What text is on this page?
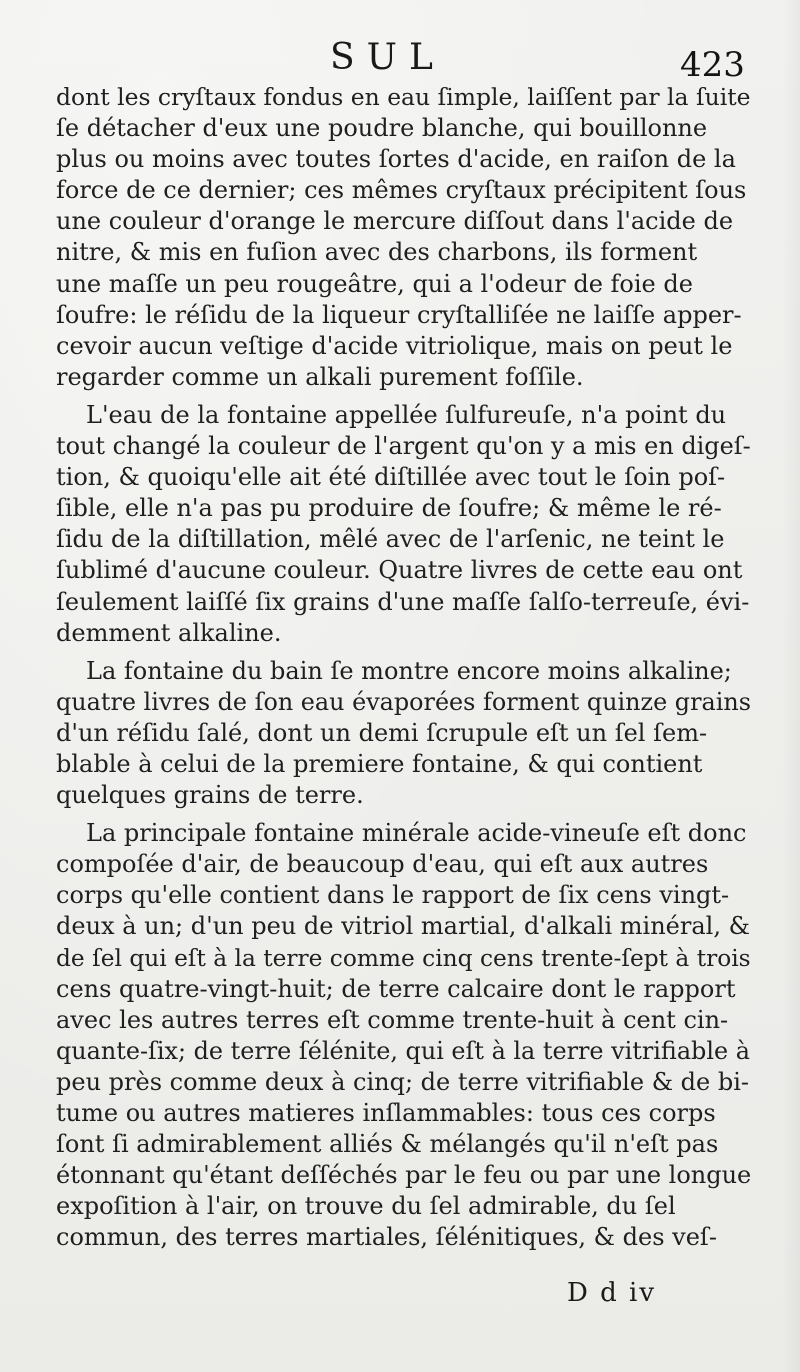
SUL	423
dont les cryſtaux fondus en eau ſimple, laiſſent par la ſuite
ſe détacher d'eux une poudre blanche, qui bouillonne
plus ou moins avec toutes ſortes d'acide, en raiſon de la
force de ce dernier; ces mêmes cryſtaux précipitent ſous
une couleur d'orange le mercure diſſout dans l'acide de
nitre, & mis en fuſion avec des charbons, ils forment
une maſſe un peu rougeâtre, qui a l'odeur de foie de
ſoufre: le réſidu de la liqueur cryſtalliſée ne laiſſe apper-
cevoir aucun veſtige d'acide vitriolique, mais on peut le
regarder comme un alkali purement foſſile.
L'eau de la fontaine appellée ſulfureuſe, n'a point du
tout changé la couleur de l'argent qu'on y a mis en digeſ-
tion, & quoiqu'elle ait été diſtillée avec tout le ſoin poſ-
ſible, elle n'a pas pu produire de ſoufre; & même le ré-
ſidu de la diſtillation, mêlé avec de l'arſenic, ne teint le
ſublimé d'aucune couleur. Quatre livres de cette eau ont
ſeulement laiſſé ſix grains d'une maſſe ſalſo-terreuſe, évi-
demment alkaline.
La fontaine du bain ſe montre encore moins alkaline;
quatre livres de ſon eau évaporées forment quinze grains
d'un réſidu ſalé, dont un demi ſcrupule eſt un ſel ſem-
blable à celui de la premiere fontaine, & qui contient
quelques grains de terre.
La principale fontaine minérale acide-vineuſe eſt donc
compoſée d'air, de beaucoup d'eau, qui eſt aux autres
corps qu'elle contient dans le rapport de ſix cens vingt-
deux à un; d'un peu de vitriol martial, d'alkali minéral, &
de ſel qui eſt à la terre comme cinq cens trente-ſept à trois
cens quatre-vingt-huit; de terre calcaire dont le rapport
avec les autres terres eſt comme trente-huit à cent cin-
quante-ſix; de terre ſélénite, qui eſt à la terre vitrifiable à
peu près comme deux à cinq; de terre vitrifiable & de bi-
tume ou autres matieres inſlammables: tous ces corps
ſont ſi admirablement alliés & mélangés qu'il n'eſt pas
étonnant qu'étant deſſéchés par le feu ou par une longue
expoſition à l'air, on trouve du ſel admirable, du ſel
commun, des terres martiales, ſélénitiques, & des veſ-
D d iv
